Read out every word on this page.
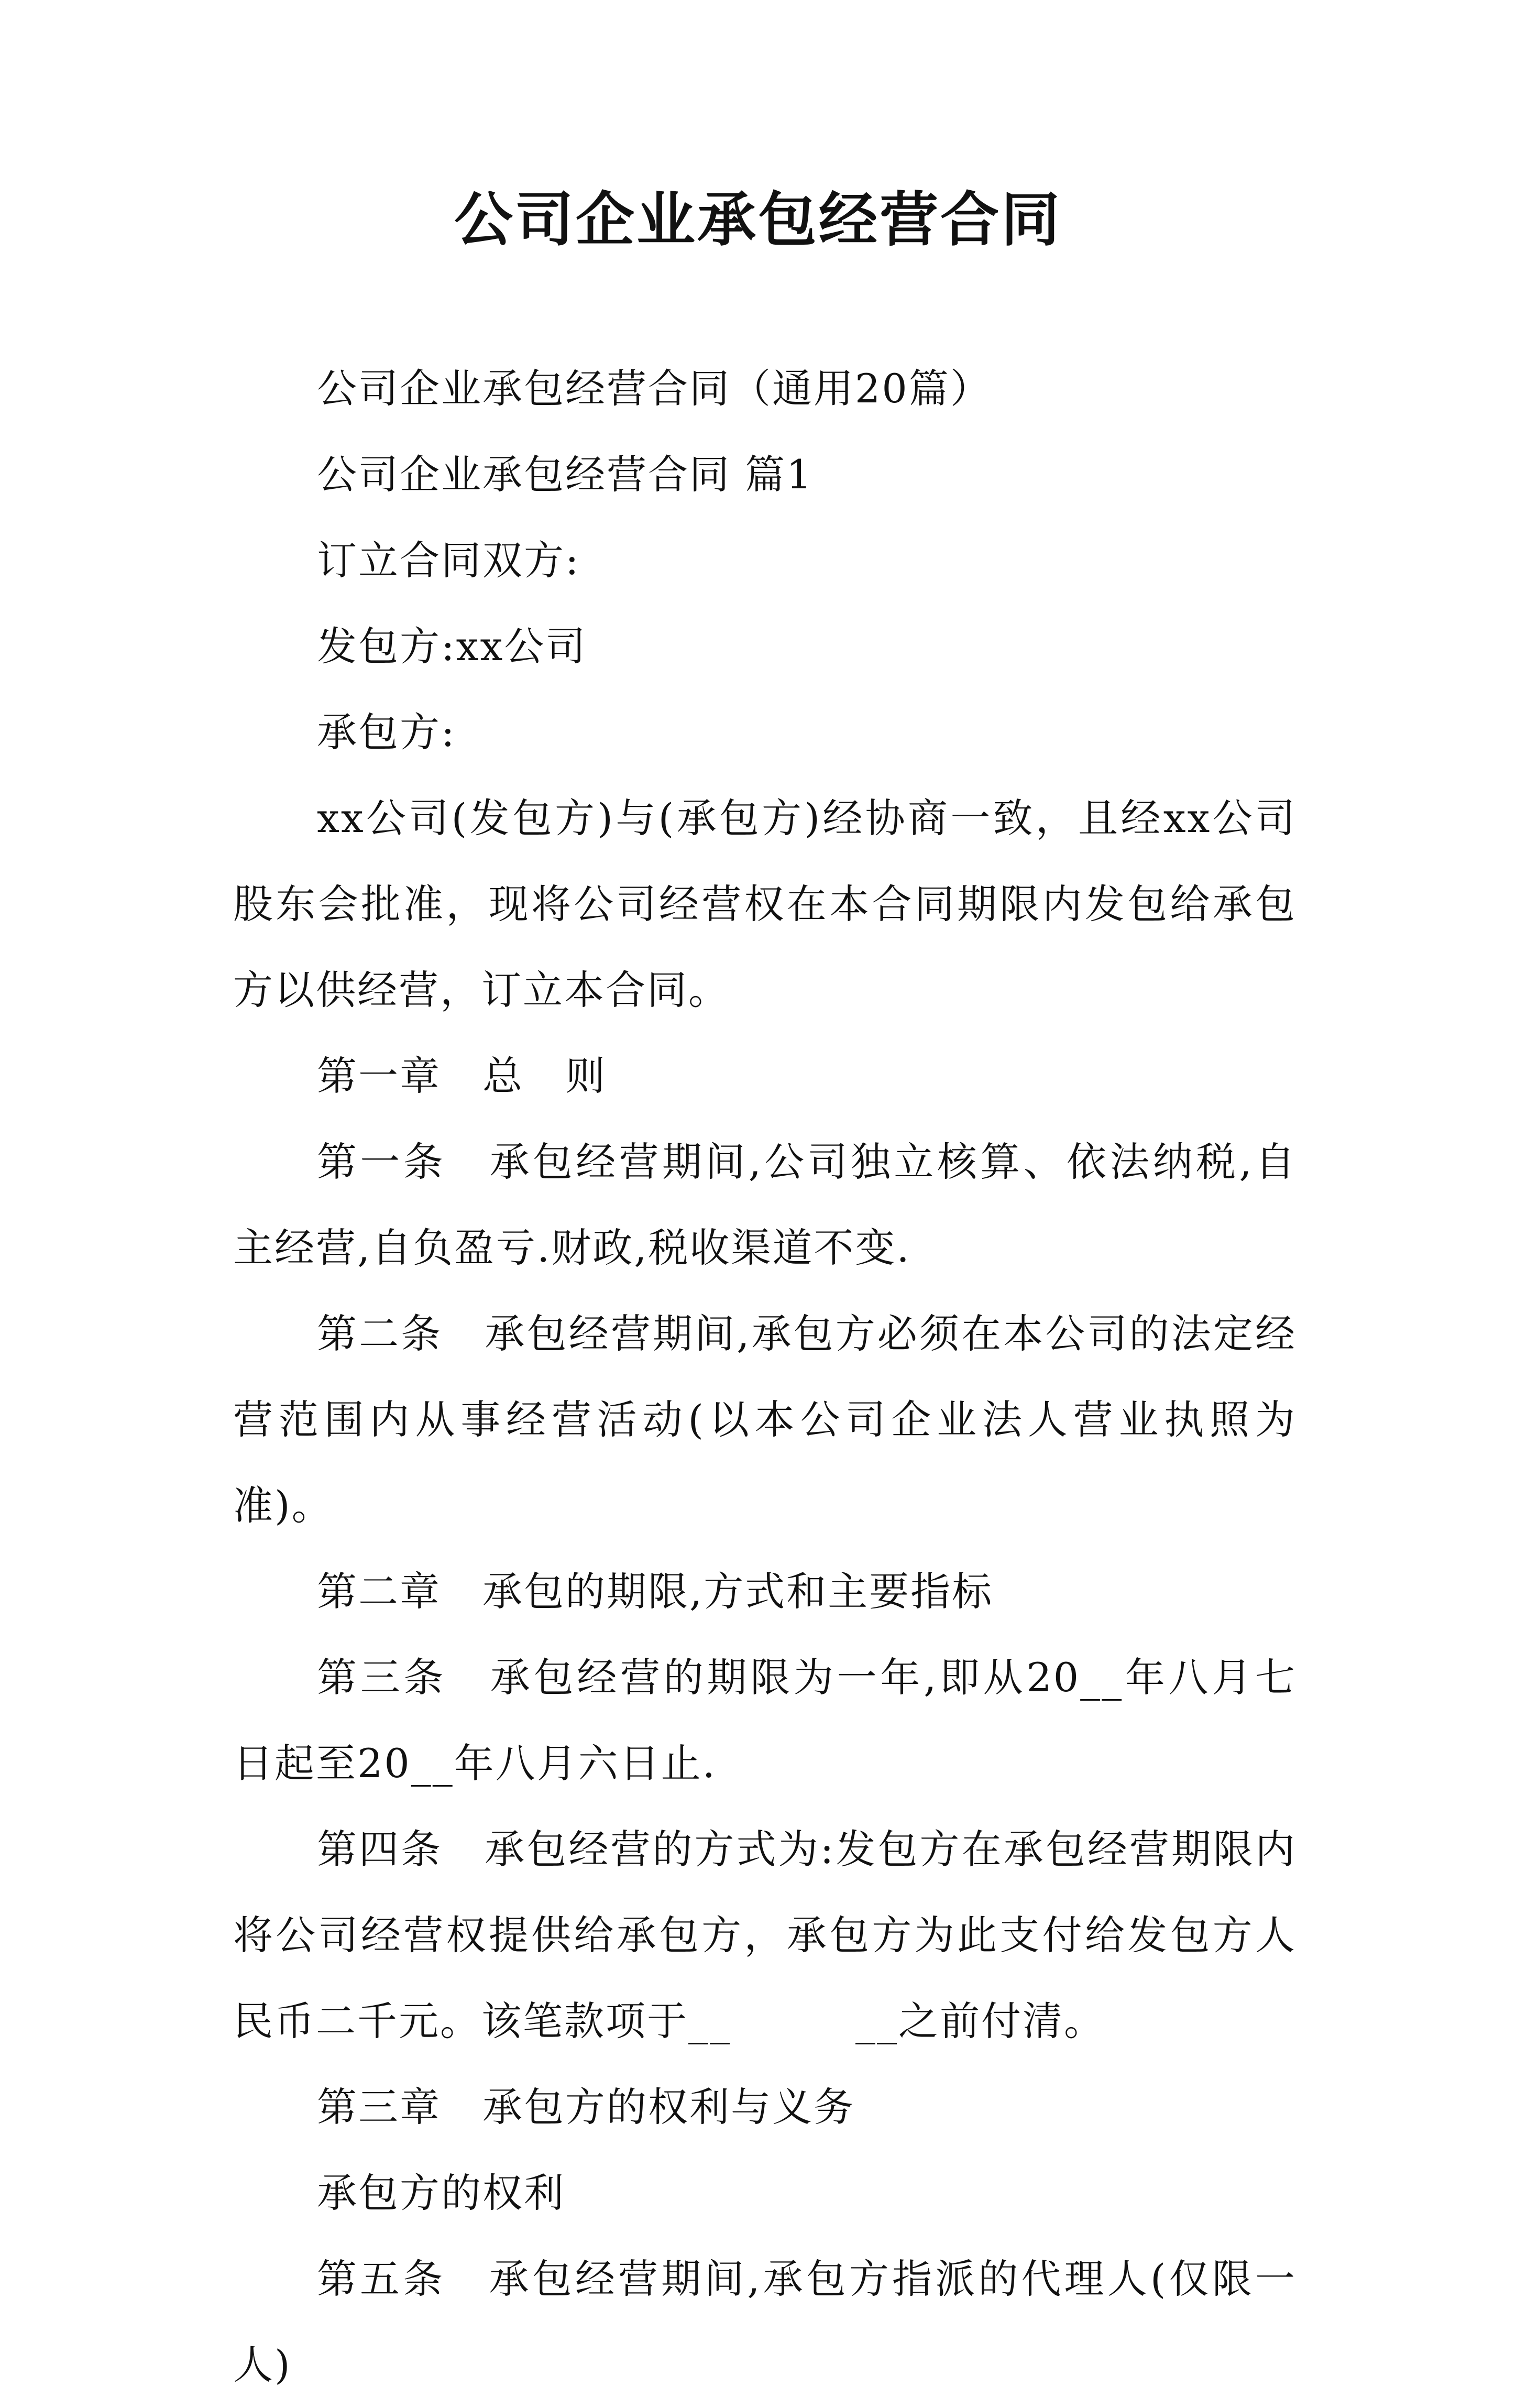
公司企业承包经营合同

公司企业承包经营合同（通用20篇）

公司企业承包经营合同 篇1

订立合同双方:

发包方:xx公司

承包方:

xx公司(发包方)与(承包方)经协商一致，且经xx公司股东会批准，现将公司经营权在本合同期限内发包给承包方以供经营，订立本合同。

第一章　总　则

第一条　承包经营期间,公司独立核算、依法纳税,自主经营,自负盈亏.财政,税收渠道不变.

第二条　承包经营期间,承包方必须在本公司的法定经营范围内从事经营活动(以本公司企业法人营业执照为准)。

第二章　承包的期限,方式和主要指标

第三条　承包经营的期限为一年,即从20__年八月七日起至20__年八月六日止.

第四条　承包经营的方式为:发包方在承包经营期限内将公司经营权提供给承包方，承包方为此支付给发包方人民币二千元。该笔款项于__　　　__之前付清。

第三章　承包方的权利与义务

承包方的权利

第五条　承包经营期间,承包方指派的代理人(仅限一人)
